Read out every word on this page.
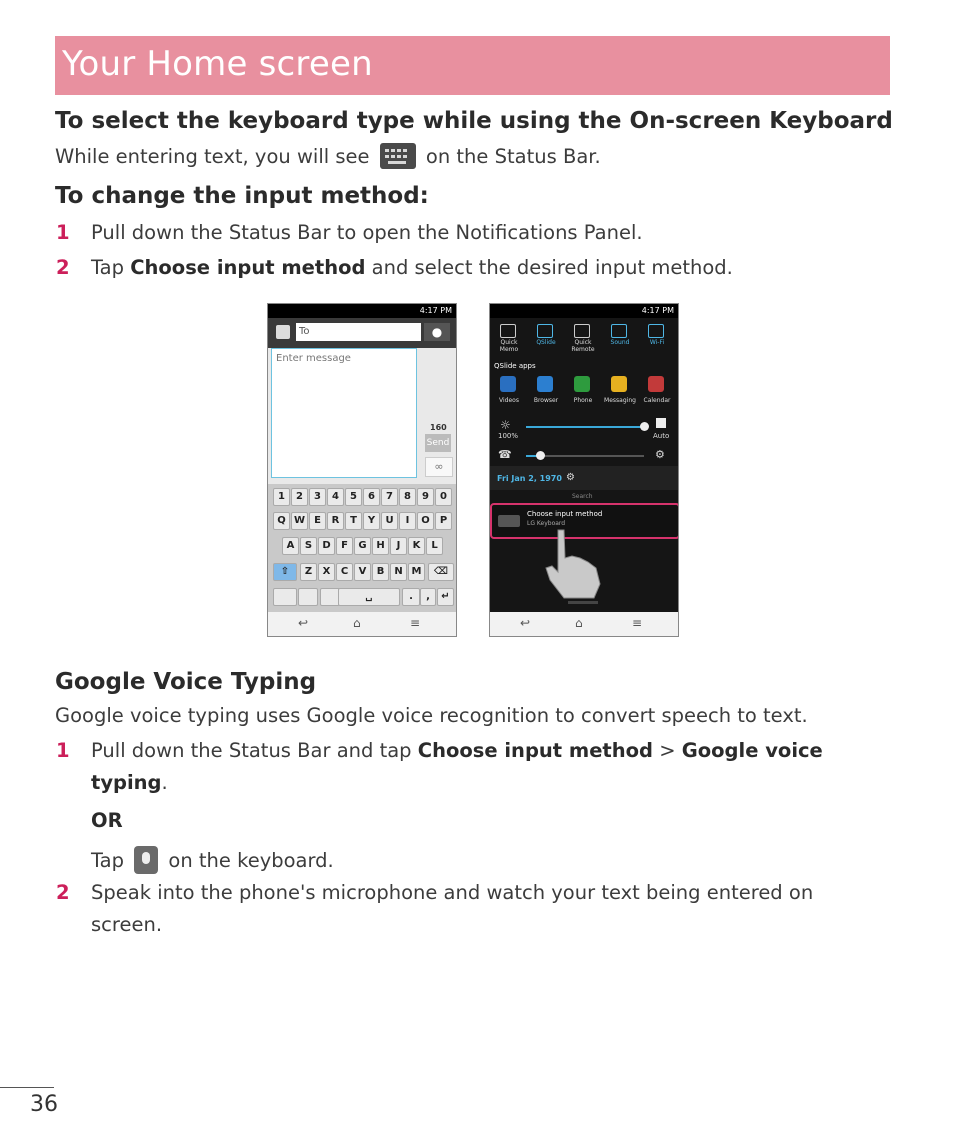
Your Home screen
To select the keyboard type while using the On-screen Keyboard
While entering text, you will see	on the Status Bar.
To change the input method:
1 Pull down the Status Bar to open the Notifications Panel.
2 Tap Choose input method and select the desired input method.
4:17 PM
To	●
Enter message
160
Send
∞
↩	⌂	≡
1	2	3	4	5	6	7	8	9	0
Q W E	R	T	Y	U	I	O	P
A	S	D	F	G H	J	K	L
Z	X	C	V	B	N M
⇧	⌫
␣	.	,	↵
4:17 PM
QSlide apps
☼
100%	Auto
☎	⚙
Fri Jan 2, 1970 ⚙
Search
Choose input method
LG Keyboard
↩	⌂	≡
Quick Memo
QSlide	Quick Remote
Sound	Wi-Fi
Videos	Browser	Phone	Messaging	Calendar
Google Voice Typing
Google voice typing uses Google voice recognition to convert speech to text.
1 Pull down the Status Bar and tap Choose input method > Google voice
typing.
OR
Tap on the keyboard.
2 Speak into the phone's microphone and watch your text being entered on
screen.
36
